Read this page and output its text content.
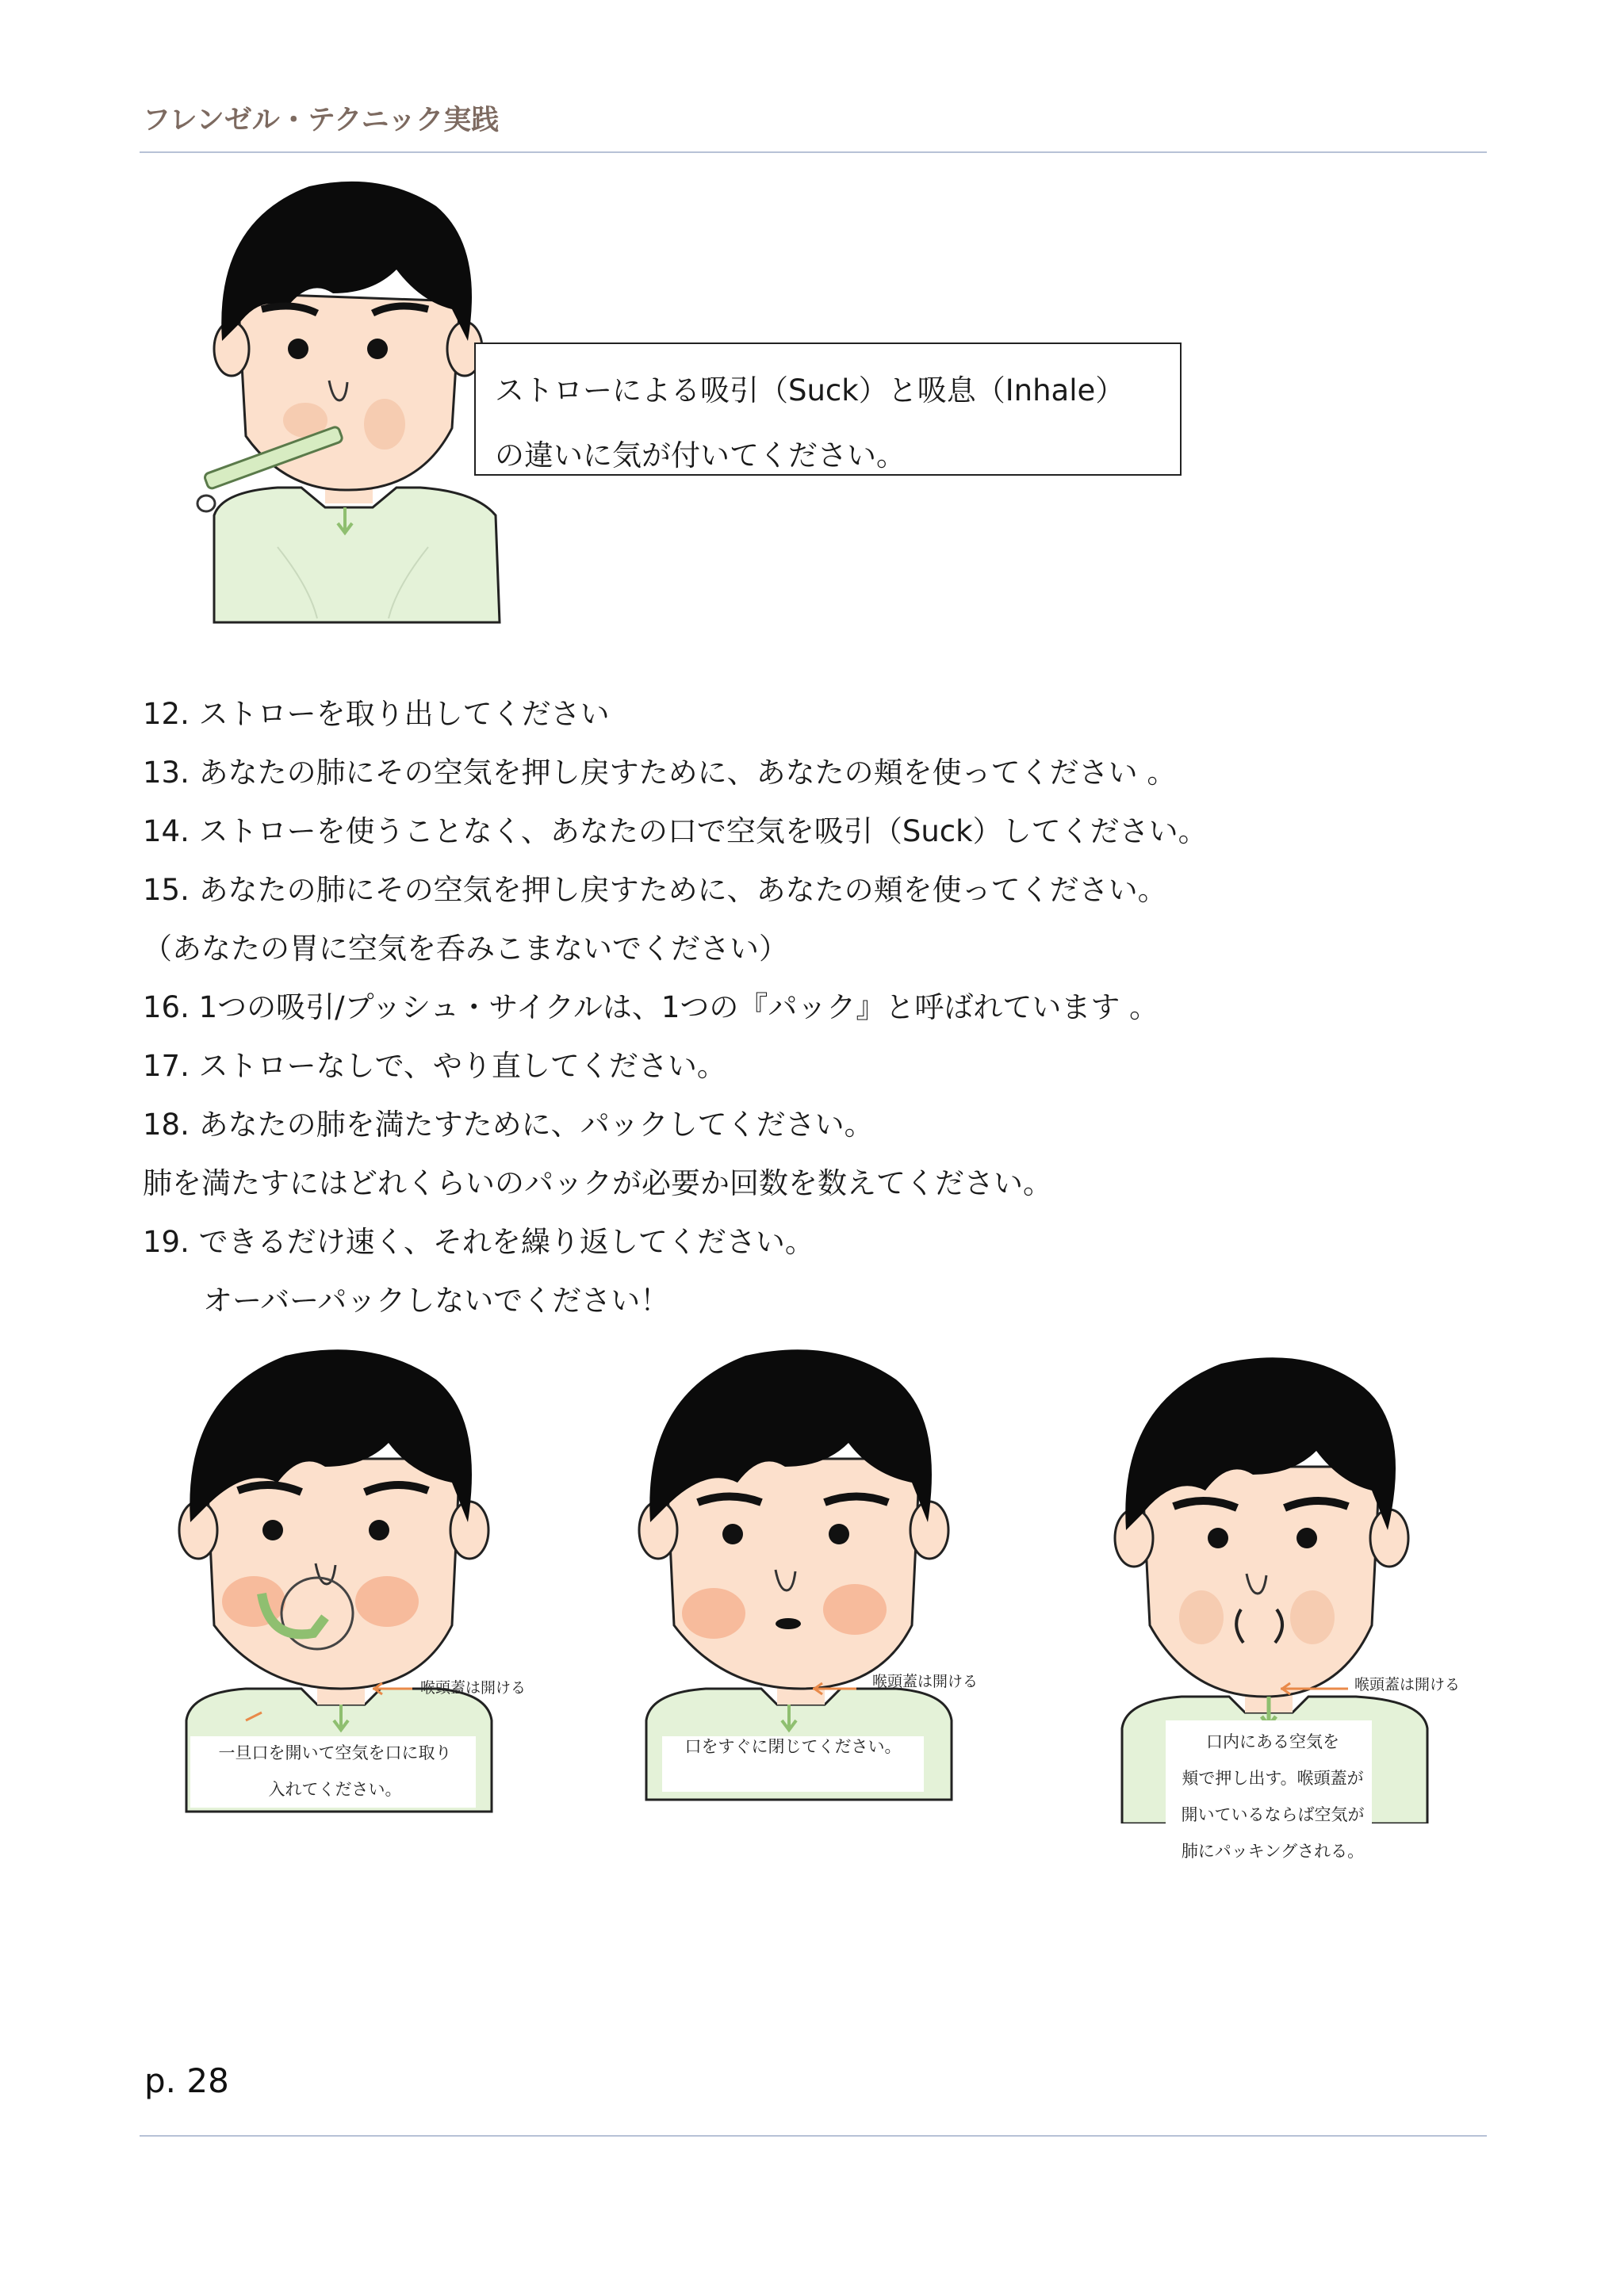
フレンゼル・テクニック実践
ストローによる吸引（Suck）と吸息（Inhale）
の違いに気が付いてください。
12. ストローを取り出してください
13. あなたの肺にその空気を押し戻すために、あなたの頬を使ってください 。
14. ストローを使うことなく、あなたの口で空気を吸引（Suck）してください。
15. あなたの肺にその空気を押し戻すために、あなたの頬を使ってください。
（あなたの胃に空気を呑みこまないでください）
16. 1つの吸引/プッシュ・サイクルは、1つの『パック』と呼ばれています 。
17. ストローなしで、やり直してください。
18. あなたの肺を満たすために、パックしてください。
肺を満たすにはどれくらいのパックが必要か回数を数えてください。
19. できるだけ速く、それを繰り返してください。
オーバーパックしないでください！
喉頭蓋は開ける
一旦口を開いて空気を口に取り
入れてください。
喉頭蓋は開ける
口をすぐに閉じてください。
喉頭蓋は開ける
口内にある空気を
頬で押し出す。喉頭蓋が
開いているならば空気が
肺にパッキングされる。
p. 28
